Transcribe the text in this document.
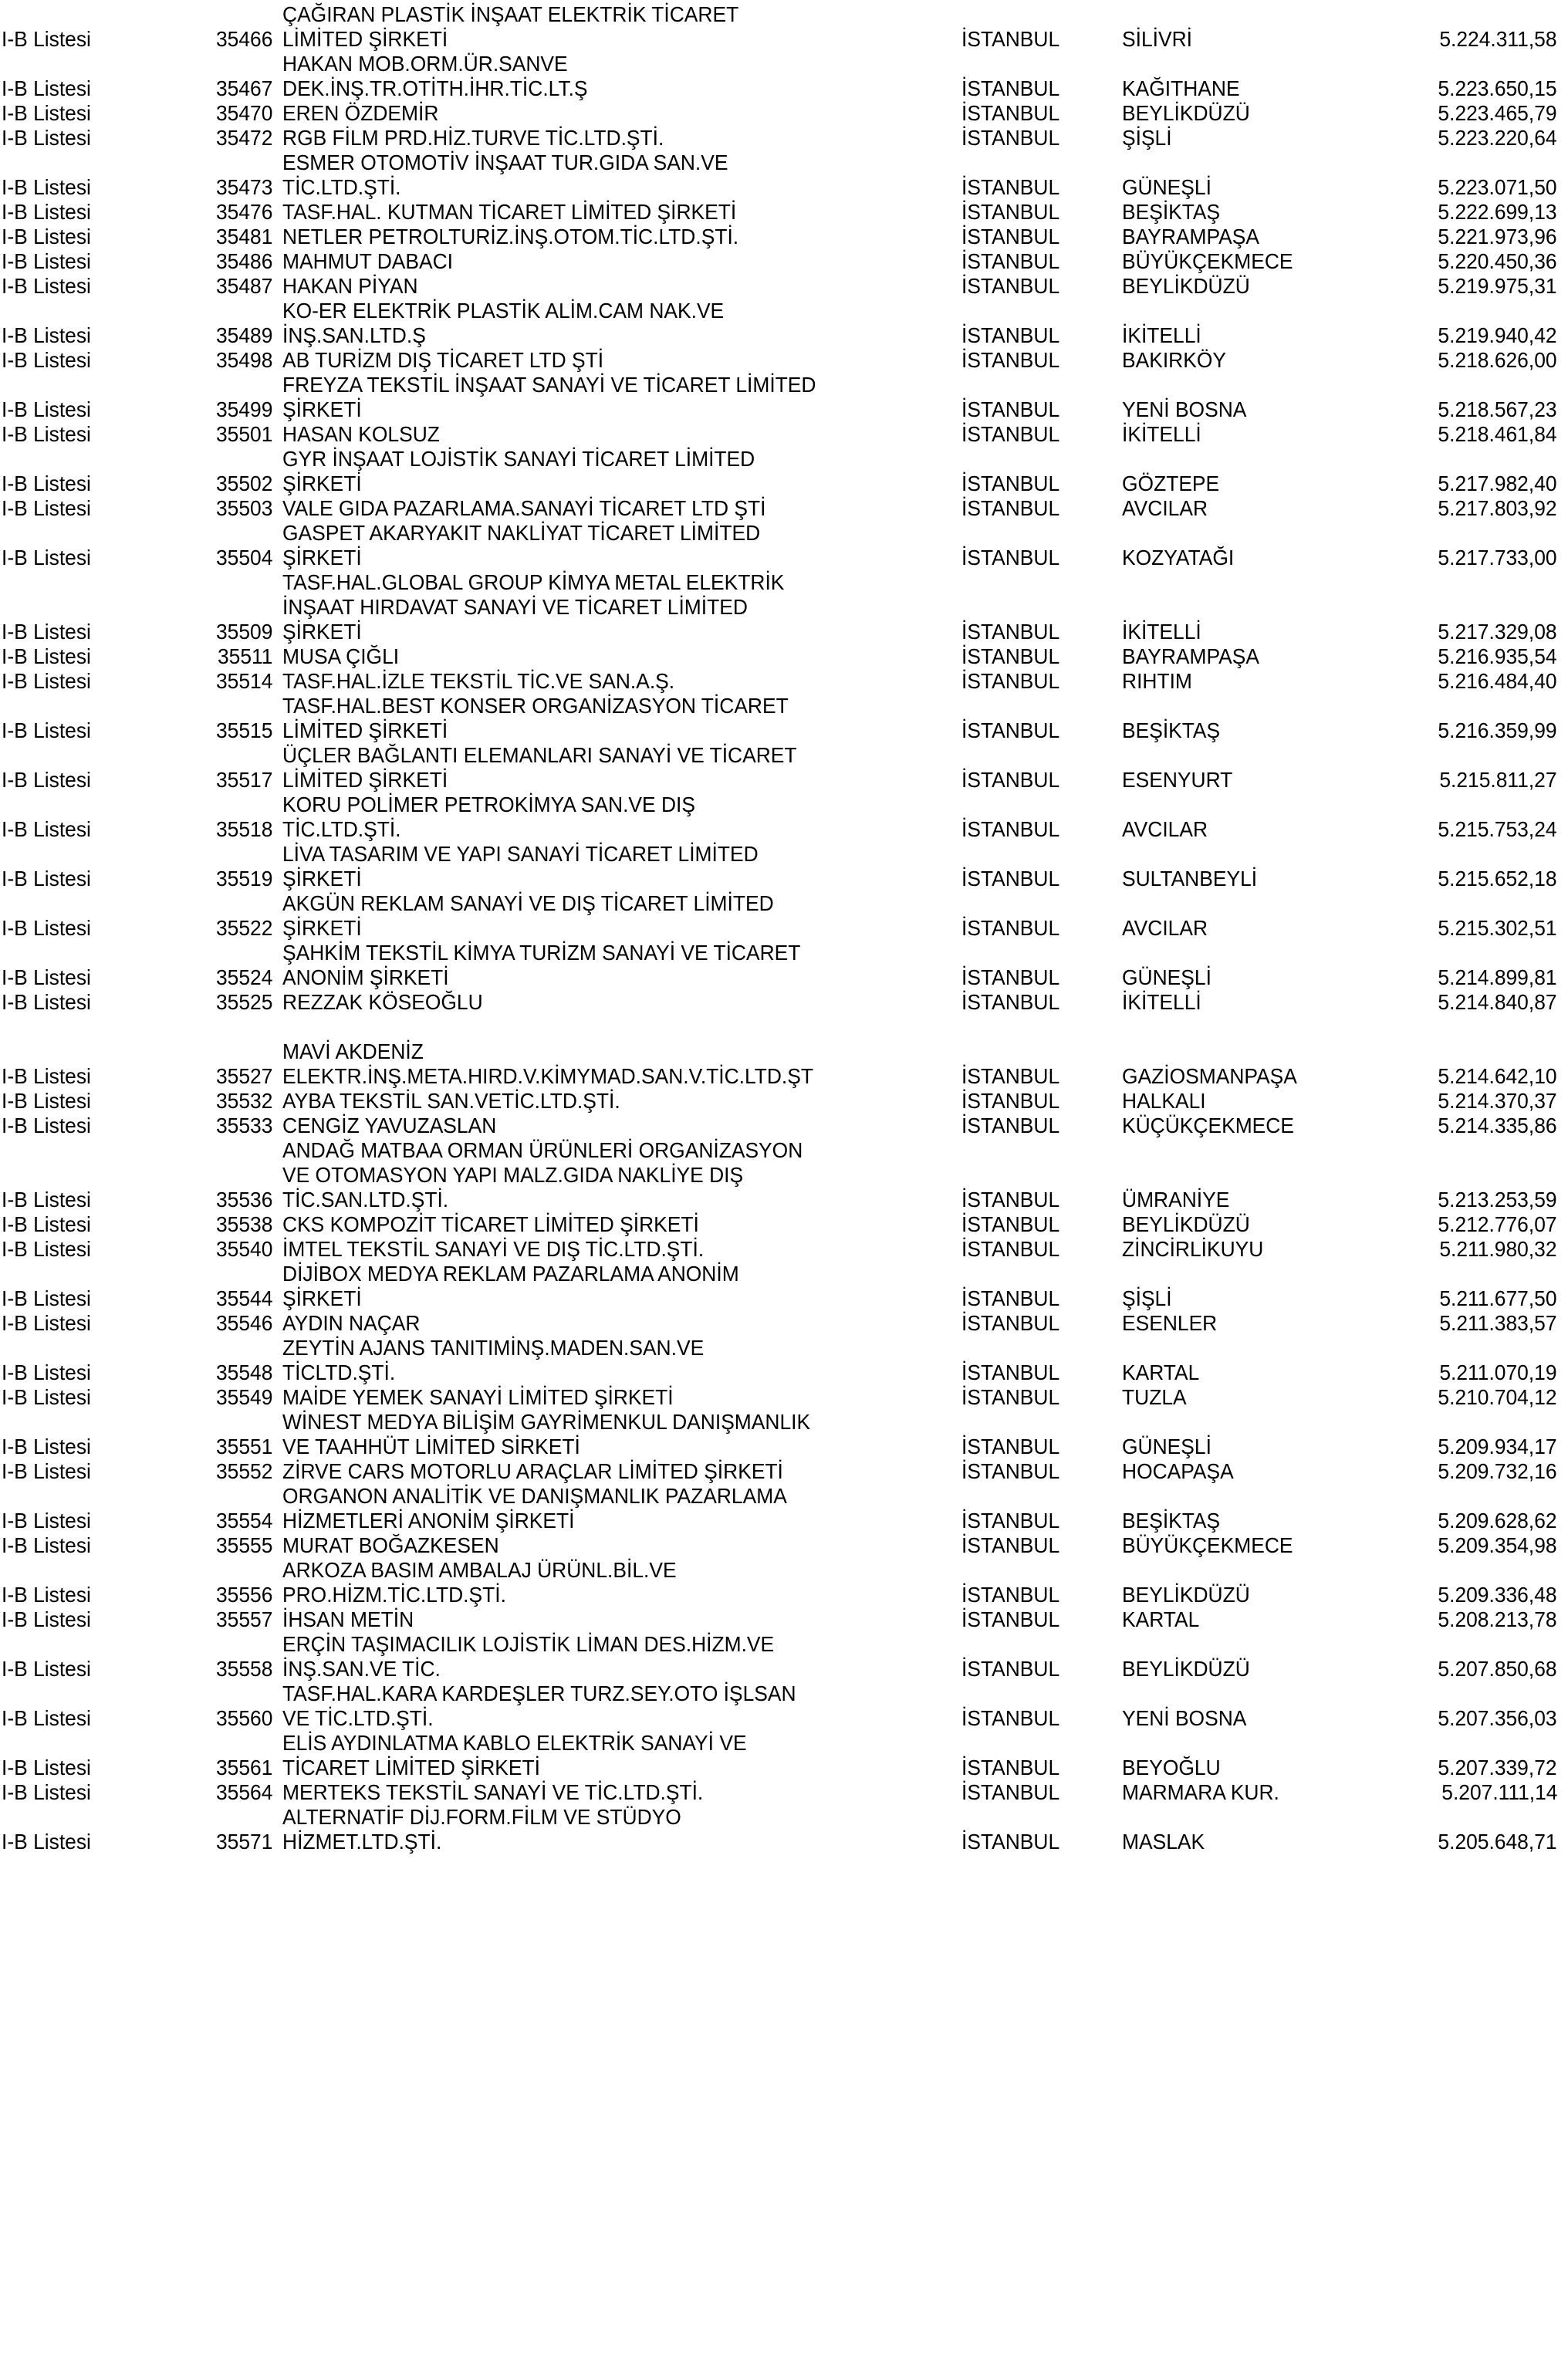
		ÇAĞIRAN PLASTİK İNŞAAT ELEKTRİK TİCARET			
I-B Listesi	35466	LİMİTED ŞİRKETİ	İSTANBUL	SİLİVRİ	5.224.311,58
		HAKAN MOB.ORM.ÜR.SANVE			
I-B Listesi	35467	DEK.İNŞ.TR.OTİTH.İHR.TİC.LT.Ş	İSTANBUL	KAĞITHANE	5.223.650,15
I-B Listesi	35470	EREN ÖZDEMİR	İSTANBUL	BEYLİKDÜZÜ	5.223.465,79
I-B Listesi	35472	RGB FİLM PRD.HİZ.TURVE TİC.LTD.ŞTİ.	İSTANBUL	ŞİŞLİ	5.223.220,64
		ESMER OTOMOTİV İNŞAAT TUR.GIDA SAN.VE			
I-B Listesi	35473	TİC.LTD.ŞTİ.	İSTANBUL	GÜNEŞLİ	5.223.071,50
I-B Listesi	35476	TASF.HAL. KUTMAN TİCARET LİMİTED ŞİRKETİ	İSTANBUL	BEŞİKTAŞ	5.222.699,13
I-B Listesi	35481	NETLER PETROLTURİZ.İNŞ.OTOM.TİC.LTD.ŞTİ.	İSTANBUL	BAYRAMPAŞA	5.221.973,96
I-B Listesi	35486	MAHMUT DABACI	İSTANBUL	BÜYÜKÇEKMECE	5.220.450,36
I-B Listesi	35487	HAKAN PİYAN	İSTANBUL	BEYLİKDÜZÜ	5.219.975,31
		KO-ER ELEKTRİK PLASTİK ALİM.CAM NAK.VE			
I-B Listesi	35489	İNŞ.SAN.LTD.Ş	İSTANBUL	İKİTELLİ	5.219.940,42
I-B Listesi	35498	AB TURİZM DIŞ TİCARET LTD ŞTİ	İSTANBUL	BAKIRKÖY	5.218.626,00
		FREYZA TEKSTİL İNŞAAT SANAYİ VE TİCARET LİMİTED			
I-B Listesi	35499	ŞİRKETİ	İSTANBUL	YENİ BOSNA	5.218.567,23
I-B Listesi	35501	HASAN KOLSUZ	İSTANBUL	İKİTELLİ	5.218.461,84
		GYR İNŞAAT LOJİSTİK SANAYİ TİCARET LİMİTED			
I-B Listesi	35502	ŞİRKETİ	İSTANBUL	GÖZTEPE	5.217.982,40
I-B Listesi	35503	VALE GIDA PAZARLAMA.SANAYİ TİCARET LTD ŞTİ	İSTANBUL	AVCILAR	5.217.803,92
		GASPET AKARYAKIT NAKLİYAT TİCARET LİMİTED			
I-B Listesi	35504	ŞİRKETİ	İSTANBUL	KOZYATAĞI	5.217.733,00
		TASF.HAL.GLOBAL GROUP KİMYA METAL ELEKTRİK			
		İNŞAAT HIRDAVAT SANAYİ VE TİCARET LİMİTED			
I-B Listesi	35509	ŞİRKETİ	İSTANBUL	İKİTELLİ	5.217.329,08
I-B Listesi	35511	MUSA ÇIĞLI	İSTANBUL	BAYRAMPAŞA	5.216.935,54
I-B Listesi	35514	TASF.HAL.İZLE TEKSTİL TİC.VE SAN.A.Ş.	İSTANBUL	RIHTIM	5.216.484,40
		TASF.HAL.BEST KONSER ORGANİZASYON TİCARET			
I-B Listesi	35515	LİMİTED ŞİRKETİ	İSTANBUL	BEŞİKTAŞ	5.216.359,99
		ÜÇLER BAĞLANTI ELEMANLARI SANAYİ VE TİCARET			
I-B Listesi	35517	LİMİTED ŞİRKETİ	İSTANBUL	ESENYURT	5.215.811,27
		KORU POLİMER PETROKİMYA SAN.VE DIŞ			
I-B Listesi	35518	TİC.LTD.ŞTİ.	İSTANBUL	AVCILAR	5.215.753,24
		LİVA TASARIM VE YAPI SANAYİ TİCARET LİMİTED			
I-B Listesi	35519	ŞİRKETİ	İSTANBUL	SULTANBEYLİ	5.215.652,18
		AKGÜN REKLAM SANAYİ VE DIŞ TİCARET LİMİTED			
I-B Listesi	35522	ŞİRKETİ	İSTANBUL	AVCILAR	5.215.302,51
		ŞAHKİM TEKSTİL KİMYA TURİZM SANAYİ VE TİCARET			
I-B Listesi	35524	ANONİM ŞİRKETİ	İSTANBUL	GÜNEŞLİ	5.214.899,81
I-B Listesi	35525	REZZAK KÖSEOĞLU	İSTANBUL	İKİTELLİ	5.214.840,87

		MAVİ AKDENİZ			
I-B Listesi	35527	ELEKTR.İNŞ.META.HIRD.V.KİMYMAD.SAN.V.TİC.LTD.ŞT	İSTANBUL	GAZİOSMANPAŞA	5.214.642,10
I-B Listesi	35532	AYBA TEKSTİL SAN.VETİC.LTD.ŞTİ.	İSTANBUL	HALKALI	5.214.370,37
I-B Listesi	35533	CENGİZ YAVUZASLAN	İSTANBUL	KÜÇÜKÇEKMECE	5.214.335,86
		ANDAĞ MATBAA ORMAN ÜRÜNLERİ ORGANİZASYON			
		VE OTOMASYON YAPI MALZ.GIDA NAKLİYE DIŞ			
I-B Listesi	35536	TİC.SAN.LTD.ŞTİ.	İSTANBUL	ÜMRANİYE	5.213.253,59
I-B Listesi	35538	CKS KOMPOZİT TİCARET LİMİTED ŞİRKETİ	İSTANBUL	BEYLİKDÜZÜ	5.212.776,07
I-B Listesi	35540	İMTEL TEKSTİL SANAYİ VE DIŞ TİC.LTD.ŞTİ.	İSTANBUL	ZİNCİRLİKUYU	5.211.980,32
		DİJİBOX MEDYA REKLAM PAZARLAMA ANONİM			
I-B Listesi	35544	ŞİRKETİ	İSTANBUL	ŞİŞLİ	5.211.677,50
I-B Listesi	35546	AYDIN NAÇAR	İSTANBUL	ESENLER	5.211.383,57
		ZEYTİN AJANS TANITIMİNŞ.MADEN.SAN.VE			
I-B Listesi	35548	TİCLTD.ŞTİ.	İSTANBUL	KARTAL	5.211.070,19
I-B Listesi	35549	MAİDE YEMEK SANAYİ LİMİTED ŞİRKETİ	İSTANBUL	TUZLA	5.210.704,12
		WİNEST MEDYA BİLİŞİM GAYRİMENKUL DANIŞMANLIK			
I-B Listesi	35551	VE TAAHHÜT LİMİTED SİRKETİ	İSTANBUL	GÜNEŞLİ	5.209.934,17
I-B Listesi	35552	ZİRVE CARS MOTORLU ARAÇLAR LİMİTED ŞİRKETİ	İSTANBUL	HOCAPAŞA	5.209.732,16
		ORGANON ANALİTİK VE DANIŞMANLIK PAZARLAMA			
I-B Listesi	35554	HİZMETLERİ ANONİM ŞİRKETİ	İSTANBUL	BEŞİKTAŞ	5.209.628,62
I-B Listesi	35555	MURAT BOĞAZKESEN	İSTANBUL	BÜYÜKÇEKMECE	5.209.354,98
		ARKOZA BASIM AMBALAJ ÜRÜNL.BİL.VE			
I-B Listesi	35556	PRO.HİZM.TİC.LTD.ŞTİ.	İSTANBUL	BEYLİKDÜZÜ	5.209.336,48
I-B Listesi	35557	İHSAN METİN	İSTANBUL	KARTAL	5.208.213,78
		ERÇİN TAŞIMACILIK LOJİSTİK LİMAN DES.HİZM.VE			
I-B Listesi	35558	İNŞ.SAN.VE TİC.	İSTANBUL	BEYLİKDÜZÜ	5.207.850,68
		TASF.HAL.KARA KARDEŞLER TURZ.SEY.OTO İŞLSAN			
I-B Listesi	35560	VE TİC.LTD.ŞTİ.	İSTANBUL	YENİ BOSNA	5.207.356,03
		ELİS AYDINLATMA KABLO ELEKTRİK SANAYİ VE			
I-B Listesi	35561	TİCARET LİMİTED ŞİRKETİ	İSTANBUL	BEYOĞLU	5.207.339,72
I-B Listesi	35564	MERTEKS TEKSTİL SANAYİ VE TİC.LTD.ŞTİ.	İSTANBUL	MARMARA KUR.	5.207.111,14
		ALTERNATİF DİJ.FORM.FİLM VE STÜDYO			
I-B Listesi	35571	HİZMET.LTD.ŞTİ.	İSTANBUL	MASLAK	5.205.648,71
